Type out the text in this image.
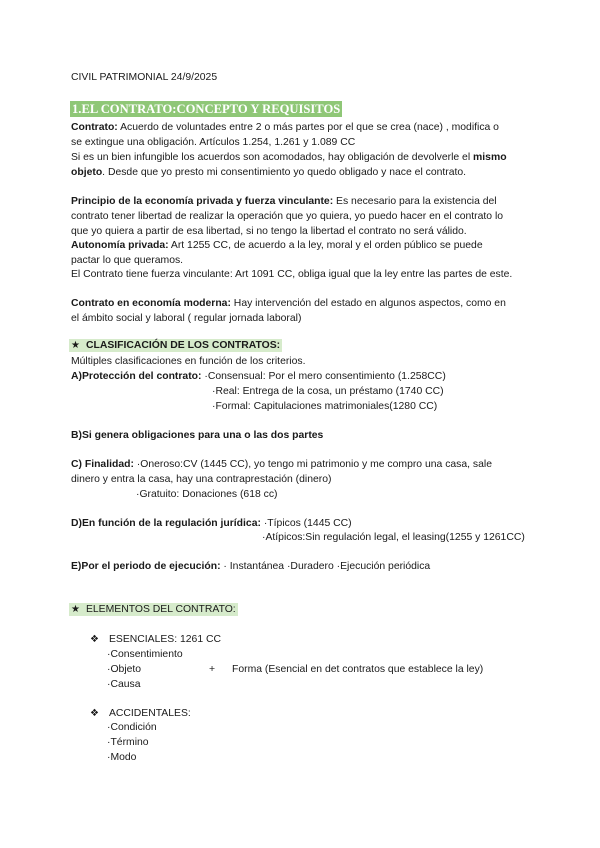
CIVIL PATRIMONIAL 24/9/2025
1.EL CONTRATO:CONCEPTO Y REQUISITOS
Contrato: Acuerdo de voluntades entre 2 o más partes por el que se crea (nace) , modifica o
se extingue una obligación. Artículos 1.254, 1.261 y 1.089 CC
Si es un bien infungible los acuerdos son acomodados, hay obligación de devolverle el mismo
objeto. Desde que yo presto mi consentimiento yo quedo obligado y nace el contrato.
Principio de la economía privada y fuerza vinculante: Es necesario para la existencia del
contrato tener libertad de realizar la operación que yo quiera, yo puedo hacer en el contrato lo
que yo quiera a partir de esa libertad, si no tengo la libertad el contrato no será válido.
Autonomía privada: Art 1255 CC, de acuerdo a la ley, moral y el orden público se puede
pactar lo que queramos.
El Contrato tiene fuerza vinculante: Art 1091 CC, obliga igual que la ley entre las partes de este.
Contrato en economía moderna: Hay intervención del estado en algunos aspectos, como en
el ámbito social y laboral ( regular jornada laboral)
★ CLASIFICACIÓN DE LOS CONTRATOS:
Múltiples clasificaciones en función de los criterios.
A)Protección del contrato: ·Consensual: Por el mero consentimiento (1.258CC)
·Real: Entrega de la cosa, un préstamo (1740 CC)
·Formal: Capitulaciones matrimoniales(1280 CC)
B)Si genera obligaciones para una o las dos partes
C) Finalidad: ·Oneroso:CV (1445 CC), yo tengo mi patrimonio y me compro una casa, sale
dinero y entra la casa, hay una contraprestación (dinero)
·Gratuito: Donaciones (618 cc)
D)En función de la regulación jurídica: ·Típicos (1445 CC)
·Atípicos:Sin regulación legal, el leasing(1255 y 1261CC)
E)Por el periodo de ejecución: · Instantánea ·Duradero ·Ejecución periódica
★ ELEMENTOS DEL CONTRATO:
❖ ESENCIALES: 1261 CC
·Consentimiento
·Objeto	+ Forma (Esencial en det contratos que establece la ley)
·Causa
❖ ACCIDENTALES:
·Condición
·Término
·Modo
